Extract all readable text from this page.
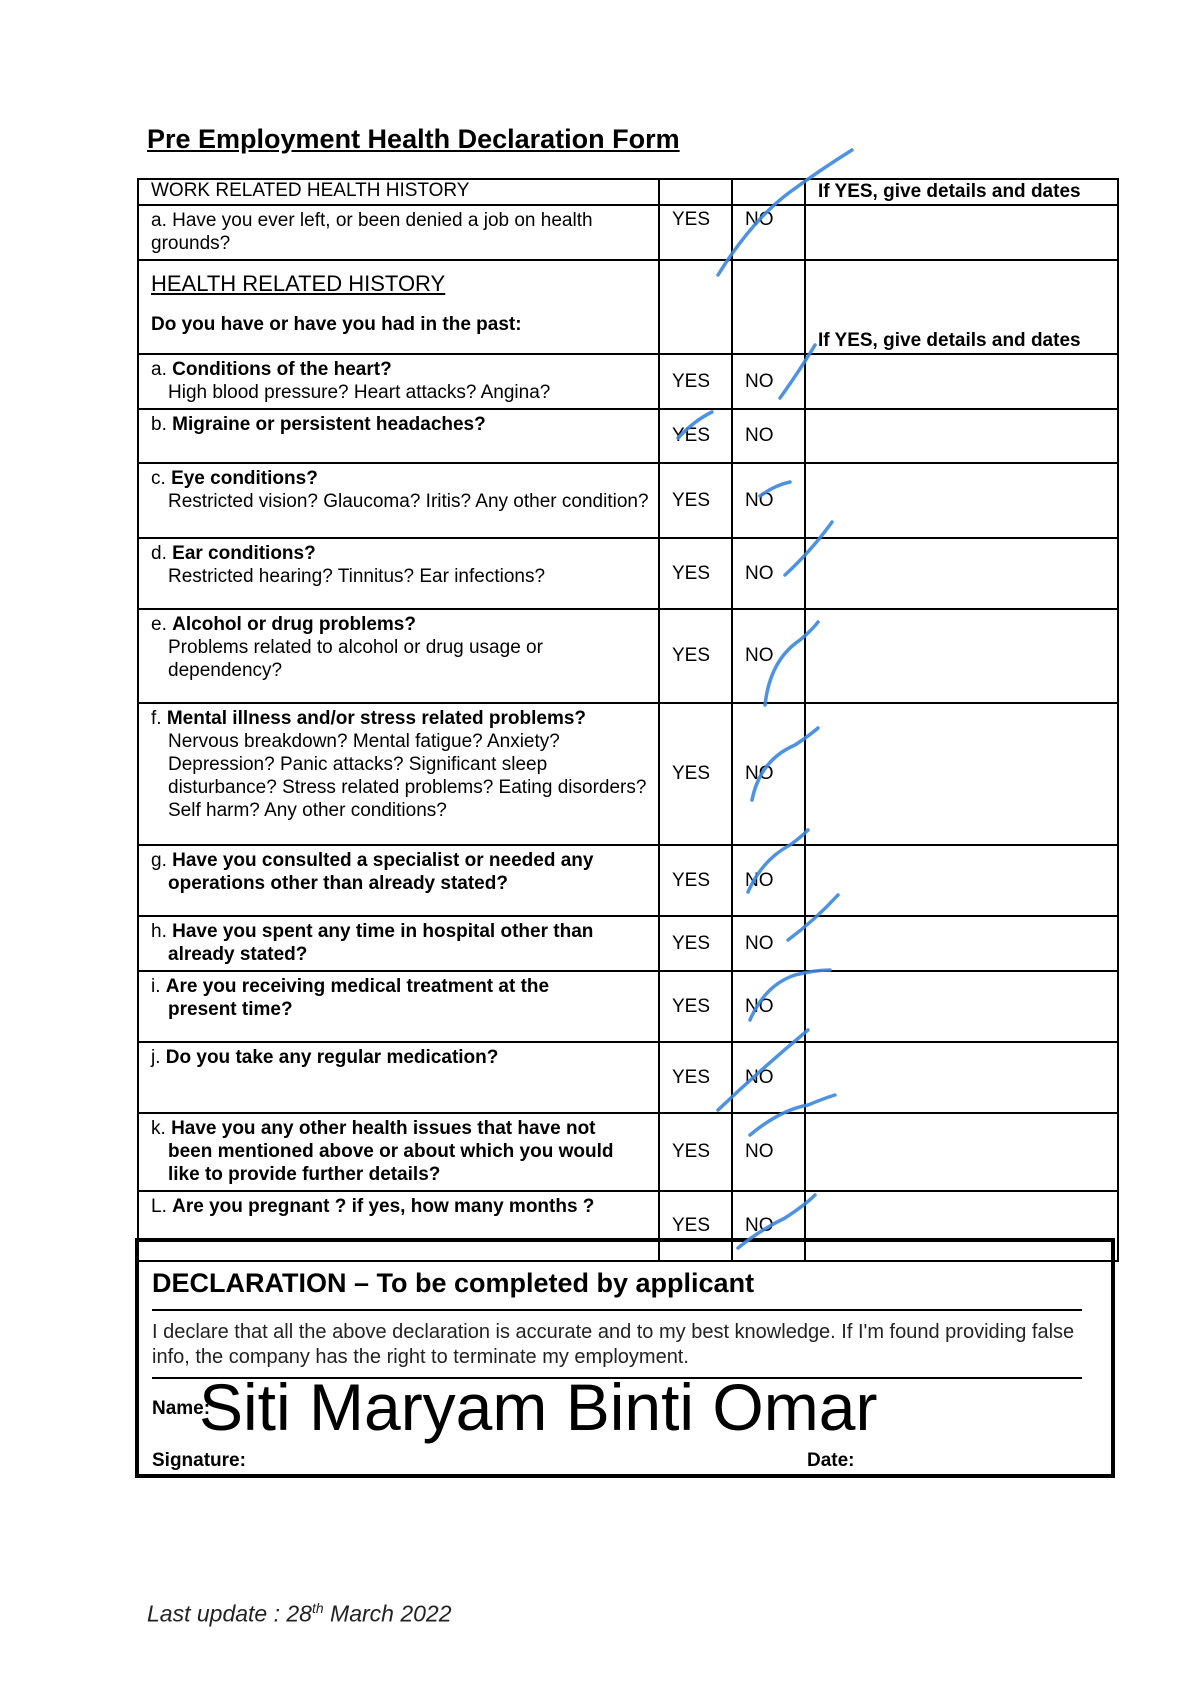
Pre Employment Health Declaration Form
WORK RELATED HEALTH HISTORY			If YES, give details and dates
a. Have you ever left, or been denied a job on health grounds?	YES	NO	

HEALTH RELATED HISTORY
Do you have or have you had in the past:			If YES, give details and dates
a. Conditions of the heart?
High blood pressure? Heart attacks? Angina?	YES	NO	
b. Migraine or persistent headaches?	YES	NO	
c. Eye conditions?
Restricted vision? Glaucoma? Iritis? Any other condition?	YES	NO	
d. Ear conditions?
Restricted hearing? Tinnitus? Ear infections?	YES	NO	
e. Alcohol or drug problems?
Problems related to alcohol or drug usage or dependency?	YES	NO	
f. Mental illness and/or stress related problems?
Nervous breakdown? Mental fatigue? Anxiety? Depression? Panic attacks? Significant sleep disturbance? Stress related problems? Eating disorders? Self harm? Any other conditions?	YES	NO	
g. Have you consulted a specialist or needed any
operations other than already stated?	YES	NO	
h. Have you spent any time in hospital other than
already stated?	YES	NO	
i. Are you receiving medical treatment at the
present time?	YES	NO	
j. Do you take any regular medication?	YES	NO	
k. Have you any other health issues that have not
been mentioned above or about which you would like to provide further details?	YES	NO	
L. Are you pregnant ? if yes, how many months ?	YES	NO	
DECLARATION – To be completed by applicant
I declare that all the above declaration is accurate and to my best knowledge. If I'm found providing false info, the company has the right to terminate my employment.
Name:
Siti Maryam Binti Omar
Signature:	Date:
Last update : 28th March 2022
